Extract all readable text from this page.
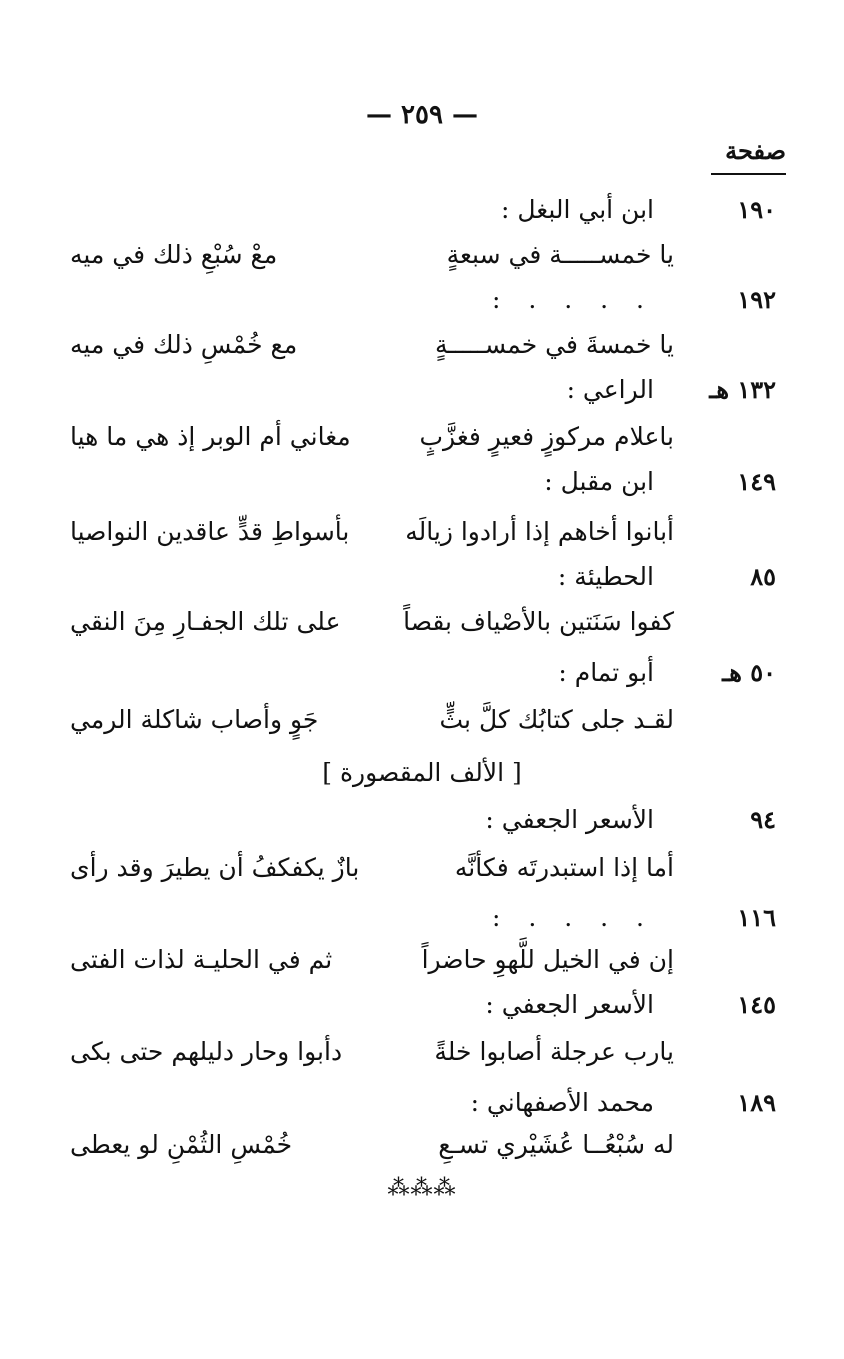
— ٢٥٩ —
صفحة
١٩٠
ابن أبي البغل :
يا خمســـــة في سبعةٍ
معْ سُبْعِ ذلك في ميه
١٩٢
. . . . :
يا خمسةَ في خمســـــةٍ
مع خُمْسِ ذلك في ميه
١٣٢ هـ
الراعي :
باعلام مركوزٍ فعيرٍ فغزَّبٍ
مغاني أم الوبر إذ هي ما هيا
١٤٩
ابن مقبل :
أبانوا أخاهم إذا أرادوا زيالَه
بأسواطِ قدٍّ عاقدين النواصيا
٨٥
الحطيئة :
كفوا سَنَتين بالأصْياف بقصاً
على تلك الجفـارِ مِنَ النقي
٥٠ هـ
أبو تمام :
لقـد جلى كتابُك كلَّ بثٍّ
جَوٍ وأصاب شاكلة الرمي
[ الألف المقصورة ]
٩٤
الأسعر الجعفي :
أما إذا استبدرتَه فكأنَّه
بازٌ يكفكفُ أن يطيرَ وقد رأى
١١٦
. . . . :
إن في الخيل للَّهوِ حاضراً
ثم في الحليـة لذات الفتى
١٤٥
الأسعر الجعفي :
يارب عرجلة أصابوا خلةً
دأبوا وحار دليلهم حتى بكى
١٨٩
محمد الأصفهاني :
له سُبْعُــا عُشَيْري تسـعِ
خُمْسِ الثُمْنِ لو يعطى
⁂⁂⁂
